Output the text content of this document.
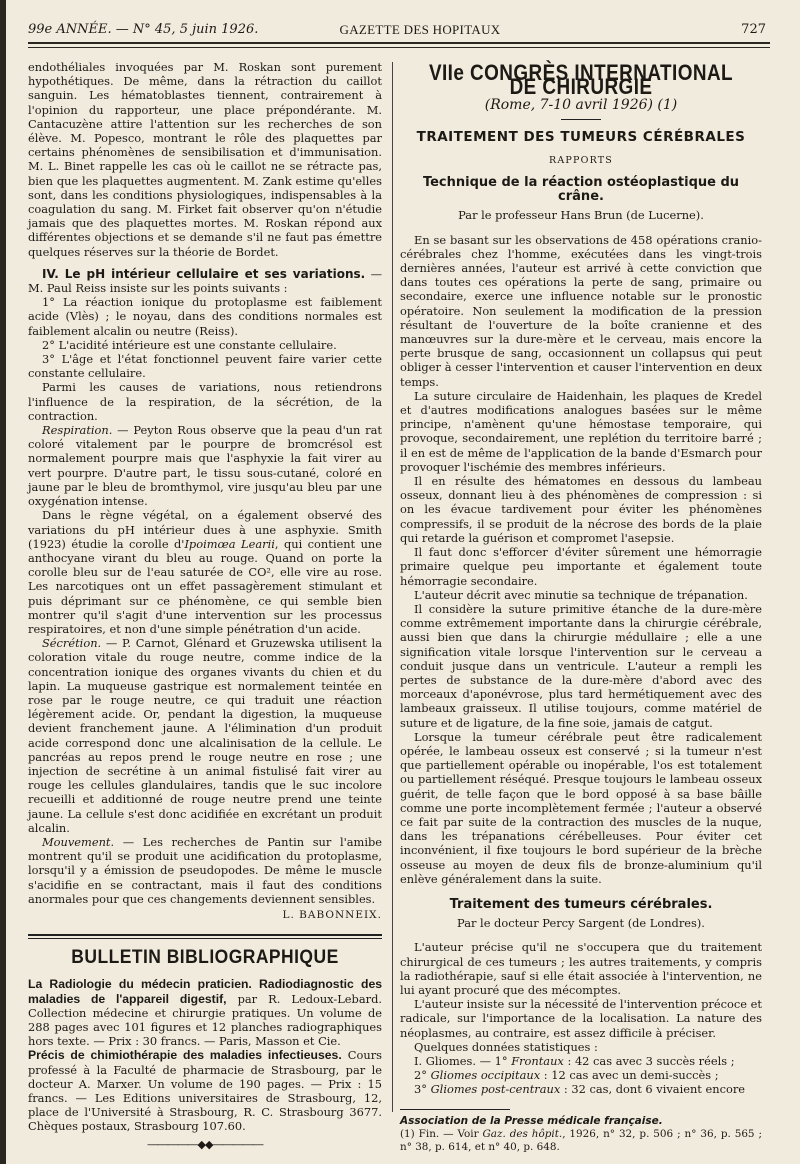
99e ANNÉE. — N° 45, 5 juin 1926.	GAZETTE DES HOPITAUX	727

endothéliales invoquées par M. Roskan sont purement hypothétiques. De même, dans la rétraction du caillot sanguin. Les hématoblastes tiennent, contrairement à l'opinion du rapporteur, une place prépondérante. M. Cantacuzène attire l'attention sur les recherches de son élève. M. Popesco, montrant le rôle des plaquettes par certains phénomènes de sensibilisation et d'immunisation. M. L. Binet rappelle les cas où le caillot ne se rétracte pas, bien que les plaquettes augmentent. M. Zank estime qu'elles sont, dans les conditions physiologiques, indispensables à la coagulation du sang. M. Firket fait observer qu'on n'étudie jamais que des plaquettes mortes. M. Roskan répond aux différentes objections et se demande s'il ne faut pas émettre quelques réserves sur la théorie de Bordet.

IV. Le pH intérieur cellulaire et ses variations. — M. Paul Reiss insiste sur les points suivants :

1° La réaction ionique du protoplasme est faiblement acide (Vlès) ; le noyau, dans des conditions normales est faiblement alcalin ou neutre (Reiss).

2° L'acidité intérieure est une constante cellulaire.

3° L'âge et l'état fonctionnel peuvent faire varier cette constante cellulaire.

Parmi les causes de variations, nous retiendrons l'influence de la respiration, de la sécrétion, de la contraction.

Respiration. — Peyton Rous observe que la peau d'un rat coloré vitalement par le pourpre de bromcrésol est normalement pourpre mais que l'asphyxie la fait virer au vert pourpre. D'autre part, le tissu sous-cutané, coloré en jaune par le bleu de bromthymol, vire jusqu'au bleu par une oxygénation intense.

Dans le règne végétal, on a également observé des variations du pH intérieur dues à une asphyxie. Smith (1923) étudie la corolle d'Ipoimœa Learii, qui contient une anthocyane virant du bleu au rouge. Quand on porte la corolle bleu sur de l'eau saturée de CO², elle vire au rose. Les narcotiques ont un effet passagèrement stimulant et puis déprimant sur ce phénomène, ce qui semble bien montrer qu'il s'agit d'une intervention sur les processus respiratoires, et non d'une simple pénétration d'un acide.

Sécrétion. — P. Carnot, Glénard et Gruzewska utilisent la coloration vitale du rouge neutre, comme indice de la concentration ionique des organes vivants du chien et du lapin. La muqueuse gastrique est normalement teintée en rose par le rouge neutre, ce qui traduit une réaction légèrement acide. Or, pendant la digestion, la muqueuse devient franchement jaune. A l'élimination d'un produit acide correspond donc une alcalinisation de la cellule. Le pancréas au repos prend le rouge neutre en rose ; une injection de secrétine à un animal fistulisé fait virer au rouge les cellules glandulaires, tandis que le suc incolore recueilli et additionné de rouge neutre prend une teinte jaune. La cellule s'est donc acidifiée en excrétant un produit alcalin.

Mouvement. — Les recherches de Pantin sur l'amibe montrent qu'il se produit une acidification du protoplasme, lorsqu'il y a émission de pseudopodes. De même le muscle s'acidifie en se contractant, mais il faut des conditions anormales pour que ces changements deviennent sensibles.

L. BABONNEIX.
BULLETIN BIBLIOGRAPHIQUE

La Radiologie du médecin praticien. Radiodiagnostic des maladies de l'appareil digestif, par R. Ledoux-Lebard. Collection médecine et chirurgie pratiques. Un volume de 288 pages avec 101 figures et 12 planches radiographiques hors texte. — Prix : 30 francs. — Paris, Masson et Cie.

Précis de chimiothérapie des maladies infectieuses. Cours professé à la Faculté de pharmacie de Strasbourg, par le docteur A. Marxer. Un volume de 190 pages. — Prix : 15 francs. — Les Editions universitaires de Strasbourg, 12, place de l'Université à Strasbourg, R. C. Strasbourg 3677. Chèques postaux, Strasbourg 107.60.

―――――◆◆―――――
VIIe CONGRÈS INTERNATIONAL DE CHIRURGIE
(Rome, 7-10 avril 1926) (1)
TRAITEMENT DES TUMEURS CÉRÉBRALES
RAPPORTS
Technique de la réaction ostéoplastique du crâne.
Par le professeur Hans Brun (de Lucerne).

En se basant sur les observations de 458 opérations cranio-cérébrales chez l'homme, exécutées dans les vingt-trois dernières années, l'auteur est arrivé à cette conviction que dans toutes ces opérations la perte de sang, primaire ou secondaire, exerce une influence notable sur le pronostic opératoire. Non seulement la modification de la pression résultant de l'ouverture de la boîte cranienne et des manœuvres sur la dure-mère et le cerveau, mais encore la perte brusque de sang, occasionnent un collapsus qui peut obliger à cesser l'intervention et causer l'intervention en deux temps.

La suture circulaire de Haidenhain, les plaques de Kredel et d'autres modifications analogues basées sur le même principe, n'amènent qu'une hémostase temporaire, qui provoque, secondairement, une replétion du territoire barré ; il en est de même de l'application de la bande d'Esmarch pour provoquer l'ischémie des membres inférieurs.

Il en résulte des hématomes en dessous du lambeau osseux, donnant lieu à des phénomènes de compression : si on les évacue tardivement pour éviter les phénomènes compressifs, il se produit de la nécrose des bords de la plaie qui retarde la guérison et compromet l'asepsie.

Il faut donc s'efforcer d'éviter sûrement une hémorragie primaire quelque peu importante et également toute hémorragie secondaire.

L'auteur décrit avec minutie sa technique de trépanation.

Il considère la suture primitive étanche de la dure-mère comme extrêmement importante dans la chirurgie cérébrale, aussi bien que dans la chirurgie médullaire ; elle a une signification vitale lorsque l'intervention sur le cerveau a conduit jusque dans un ventricule. L'auteur a rempli les pertes de substance de la dure-mère d'abord avec des morceaux d'aponévrose, plus tard hermétiquement avec des lambeaux graisseux. Il utilise toujours, comme matériel de suture et de ligature, de la fine soie, jamais de catgut.

Lorsque la tumeur cérébrale peut être radicalement opérée, le lambeau osseux est conservé ; si la tumeur n'est que partiellement opérable ou inopérable, l'os est totalement ou partiellement réséqué. Presque toujours le lambeau osseux guérit, de telle façon que le bord opposé à sa base bâille comme une porte incomplètement fermée ; l'auteur a observé ce fait par suite de la contraction des muscles de la nuque, dans les trépanations cérébelleuses. Pour éviter cet inconvénient, il fixe toujours le bord supérieur de la brèche osseuse au moyen de deux fils de bronze-aluminium qu'il enlève généralement dans la suite.

Traitement des tumeurs cérébrales.
Par le docteur Percy Sargent (de Londres).

L'auteur précise qu'il ne s'occupera que du traitement chirurgical de ces tumeurs ; les autres traitements, y compris la radiothérapie, sauf si elle était associée à l'intervention, ne lui ayant procuré que des mécomptes.

L'auteur insiste sur la nécessité de l'intervention précoce et radicale, sur l'importance de la localisation. La nature des néoplasmes, au contraire, est assez difficile à préciser.

Quelques données statistiques :

I. Gliomes. — 1° Frontaux : 42 cas avec 3 succès réels ;

2° Gliomes occipitaux : 12 cas avec un demi-succès ;

3° Gliomes post-centraux : 32 cas, dont 6 vivaient encore

Association de la Presse médicale française.

(1) Fin. — Voir Gaz. des hôpit., 1926, n° 32, p. 506 ; n° 36, p. 565 ; n° 38, p. 614, et n° 40, p. 648.
